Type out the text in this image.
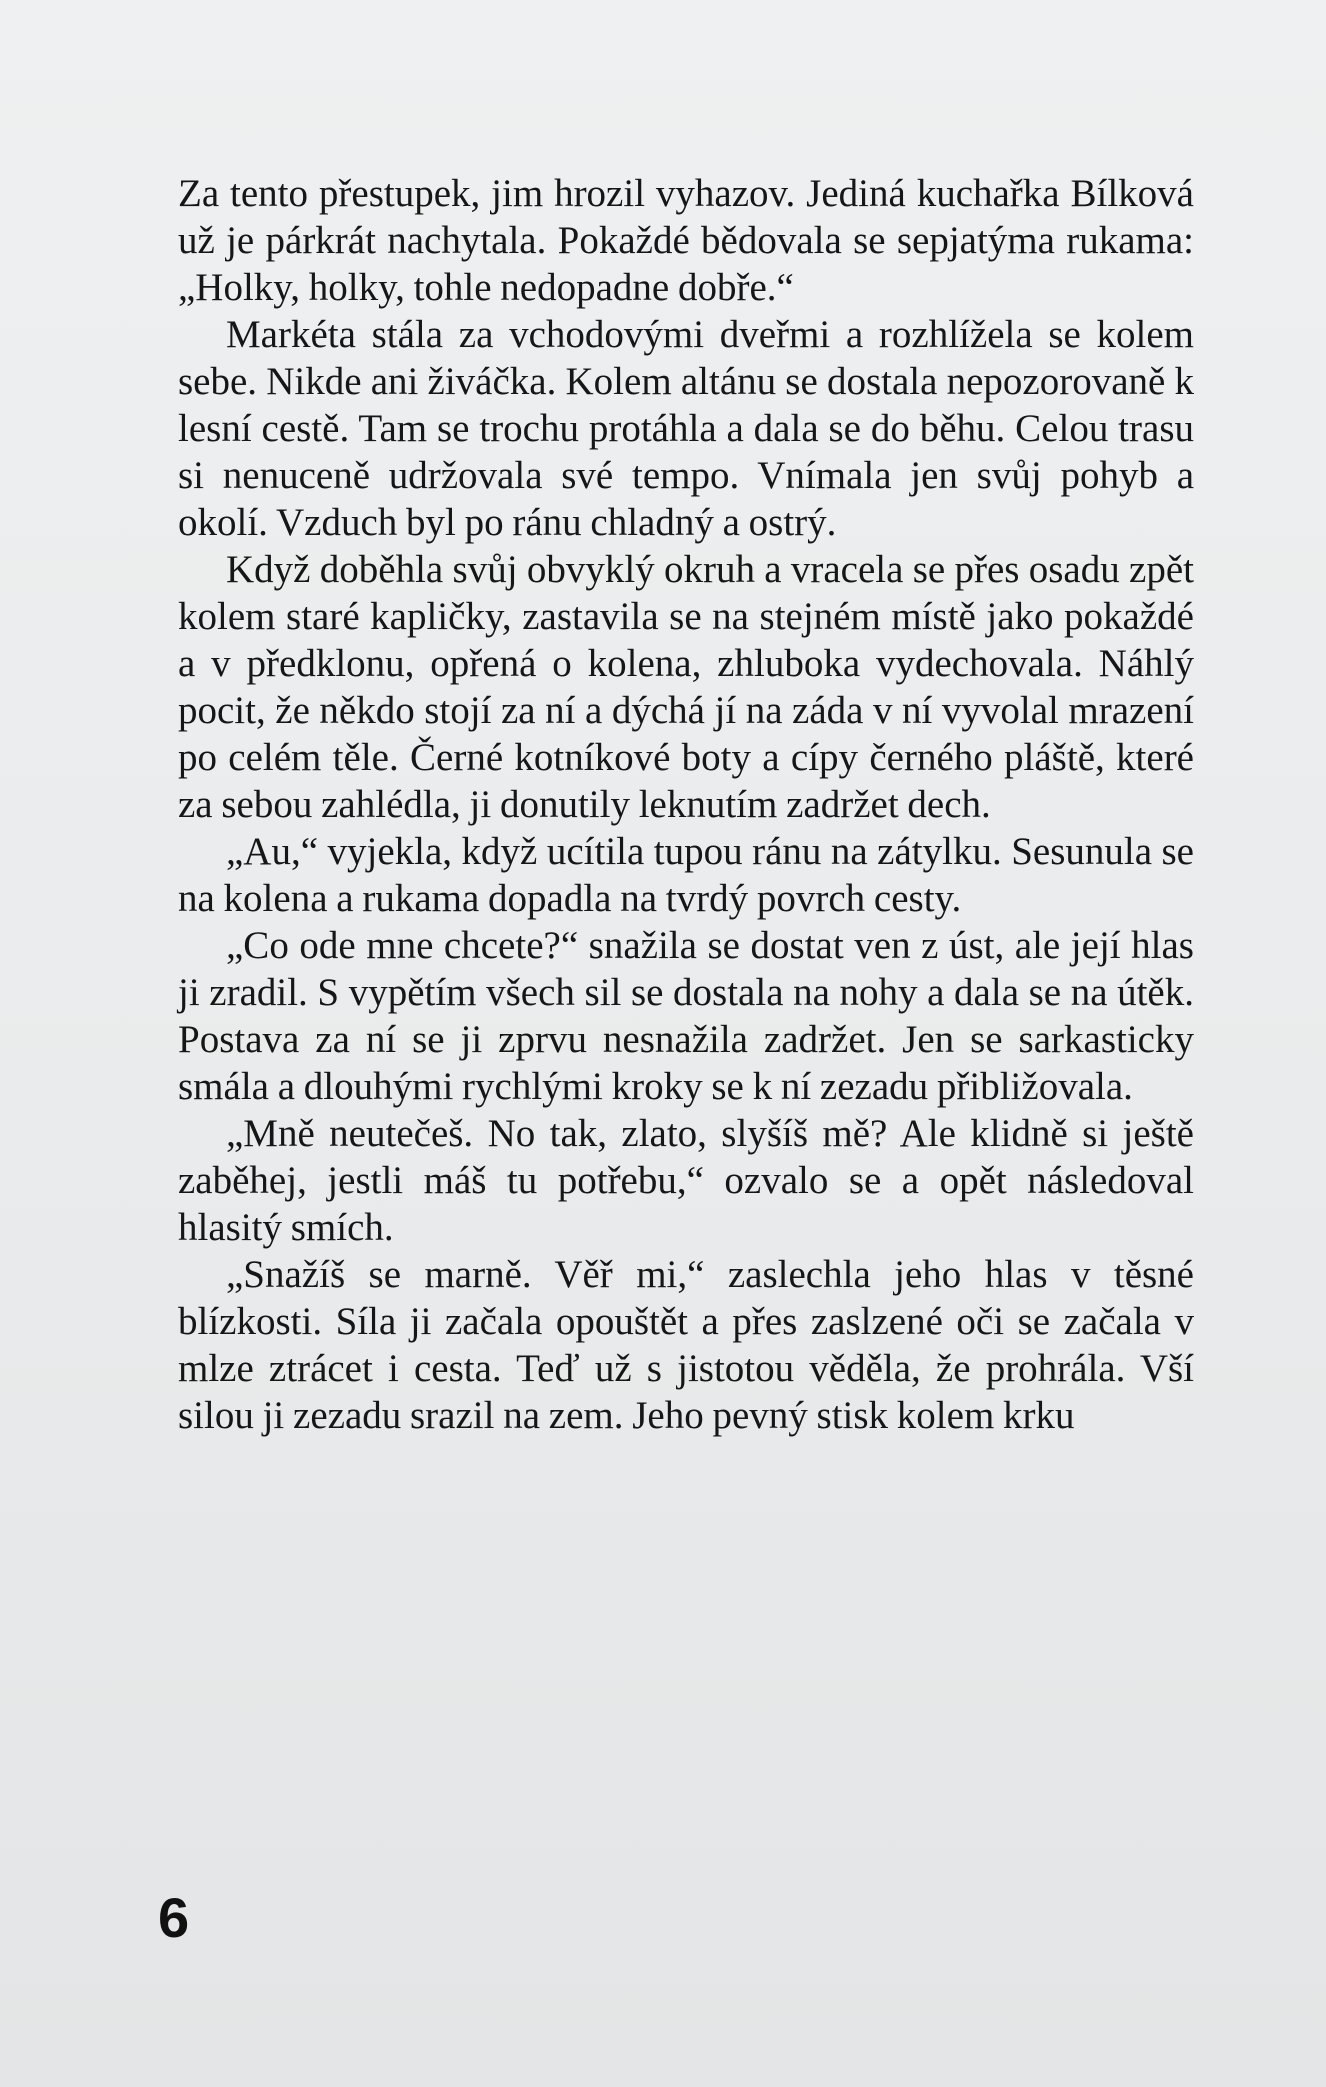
Za tento přestupek, jim hrozil vyhazov. Jediná kuchařka Bílková už je párkrát nachytala. Pokaždé bědovala se sepjatýma rukama: „Holky, holky, tohle nedopadne dobře.“

Markéta stála za vchodovými dveřmi a rozhlížela se kolem sebe. Nikde ani živáčka. Kolem altánu se dostala nepozorovaně k lesní cestě. Tam se trochu protáhla a dala se do běhu. Celou trasu si nenuceně udržovala své tempo. Vnímala jen svůj pohyb a okolí. Vzduch byl po ránu chladný a ostrý.

Když doběhla svůj obvyklý okruh a vracela se přes osadu zpět kolem staré kapličky, zastavila se na stejném místě jako pokaždé a v předklonu, opřená o kolena, zhluboka vydechovala. Náhlý pocit, že někdo stojí za ní a dýchá jí na záda v ní vyvolal mrazení po celém těle. Černé kotníkové boty a cípy černého pláště, které za sebou zahlédla, ji donutily leknutím zadržet dech.

„Au,“ vyjekla, když ucítila tupou ránu na zátylku. Sesunula se na kolena a rukama dopadla na tvrdý povrch cesty.

„Co ode mne chcete?“ snažila se dostat ven z úst, ale její hlas ji zradil. S vypětím všech sil se dostala na nohy a dala se na útěk. Postava za ní se ji zprvu nesnažila zadržet. Jen se sarkasticky smála a dlouhými rychlými kroky se k ní zezadu přibližovala.

„Mně neutečeš. No tak, zlato, slyšíš mě? Ale klidně si ještě zaběhej, jestli máš tu potřebu,“ ozvalo se a opět následoval hlasitý smích.

„Snažíš se marně. Věř mi,“ zaslechla jeho hlas v těsné blízkosti. Síla ji začala opouštět a přes zaslzené oči se začala v mlze ztrácet i cesta. Teď už s jistotou věděla, že prohrála. Vší silou ji zezadu srazil na zem. Jeho pevný stisk kolem krku

6
